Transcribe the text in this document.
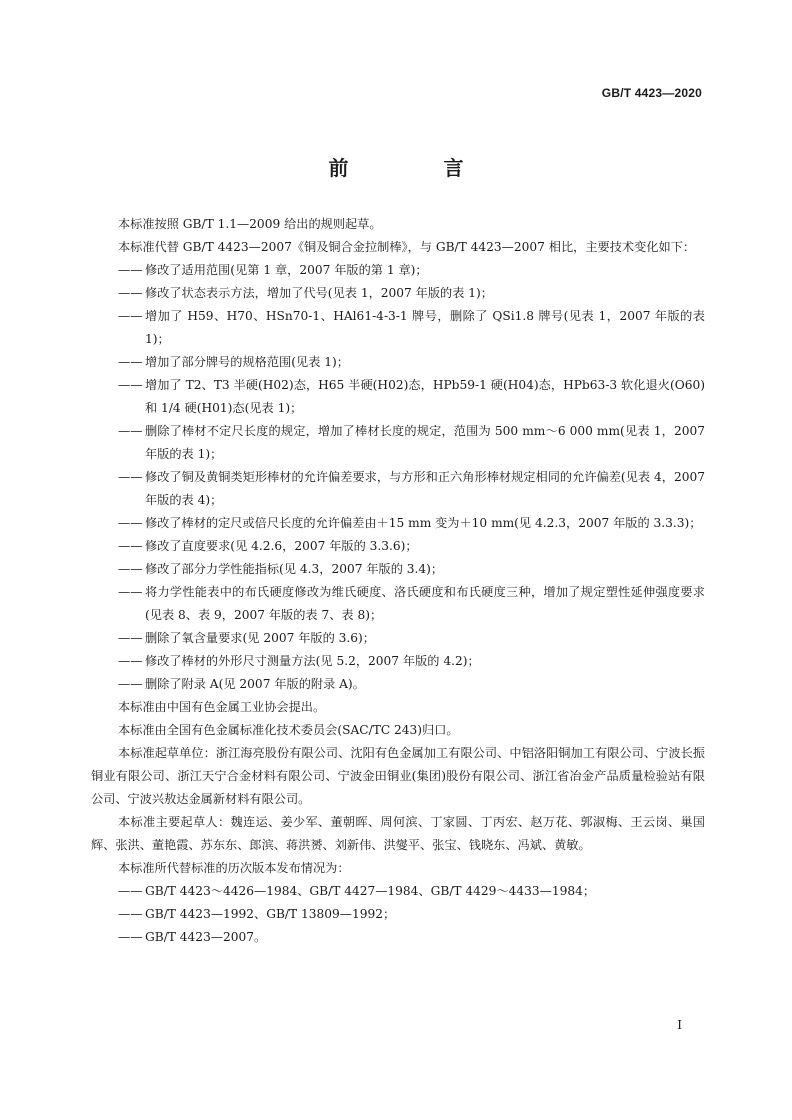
GB/T 4423—2020
前 言

本标准按照 GB/T 1.1—2009 给出的规则起草。

本标准代替 GB/T 4423—2007《铜及铜合金拉制棒》，与 GB/T 4423—2007 相比，主要技术变化如下：

—— 修改了适用范围(见第 1 章，2007 年版的第 1 章)；

—— 修改了状态表示方法，增加了代号(见表 1，2007 年版的表 1)；

—— 增加了 H59、H70、HSn70-1、HAl61-4-3-1 牌号，删除了 QSi1.8 牌号(见表 1，2007 年版的表 1)；

—— 增加了部分牌号的规格范围(见表 1)；

—— 增加了 T2、T3 半硬(H02)态，H65 半硬(H02)态，HPb59-1 硬(H04)态，HPb63-3 软化退火(O60)和 1/4 硬(H01)态(见表 1)；

—— 删除了棒材不定尺长度的规定，增加了棒材长度的规定，范围为 500 mm～6 000 mm(见表 1，2007 年版的表 1)；

—— 修改了铜及黄铜类矩形棒材的允许偏差要求，与方形和正六角形棒材规定相同的允许偏差(见表 4，2007 年版的表 4)；

—— 修改了棒材的定尺或倍尺长度的允许偏差由＋15 mm 变为＋10 mm(见 4.2.3，2007 年版的 3.3.3)；

—— 修改了直度要求(见 4.2.6，2007 年版的 3.3.6)；

—— 修改了部分力学性能指标(见 4.3，2007 年版的 3.4)；

—— 将力学性能表中的布氏硬度修改为维氏硬度、洛氏硬度和布氏硬度三种，增加了规定塑性延伸强度要求(见表 8、表 9，2007 年版的表 7、表 8)；

—— 删除了氧含量要求(见 2007 年版的 3.6)；

—— 修改了棒材的外形尺寸测量方法(见 5.2，2007 年版的 4.2)；

—— 删除了附录 A(见 2007 年版的附录 A)。

本标准由中国有色金属工业协会提出。

本标准由全国有色金属标准化技术委员会(SAC/TC 243)归口。

本标准起草单位：浙江海亮股份有限公司、沈阳有色金属加工有限公司、中铝洛阳铜加工有限公司、宁波长振铜业有限公司、浙江天宁合金材料有限公司、宁波金田铜业(集团)股份有限公司、浙江省冶金产品质量检验站有限公司、宁波兴敖达金属新材料有限公司。

本标准主要起草人：魏连运、姜少军、董朝晖、周何滨、丁家圆、丁丙宏、赵万花、郭淑梅、王云岗、巢国辉、张洪、董艳霞、苏东东、郎滨、蒋洪赟、刘新伟、洪燮平、张宝、钱晓东、冯斌、黄敏。

本标准所代替标准的历次版本发布情况为：

—— GB/T 4423～4426—1984、GB/T 4427—1984、GB/T 4429～4433—1984；

—— GB/T 4423—1992、GB/T 13809—1992；

—— GB/T 4423—2007。

I
